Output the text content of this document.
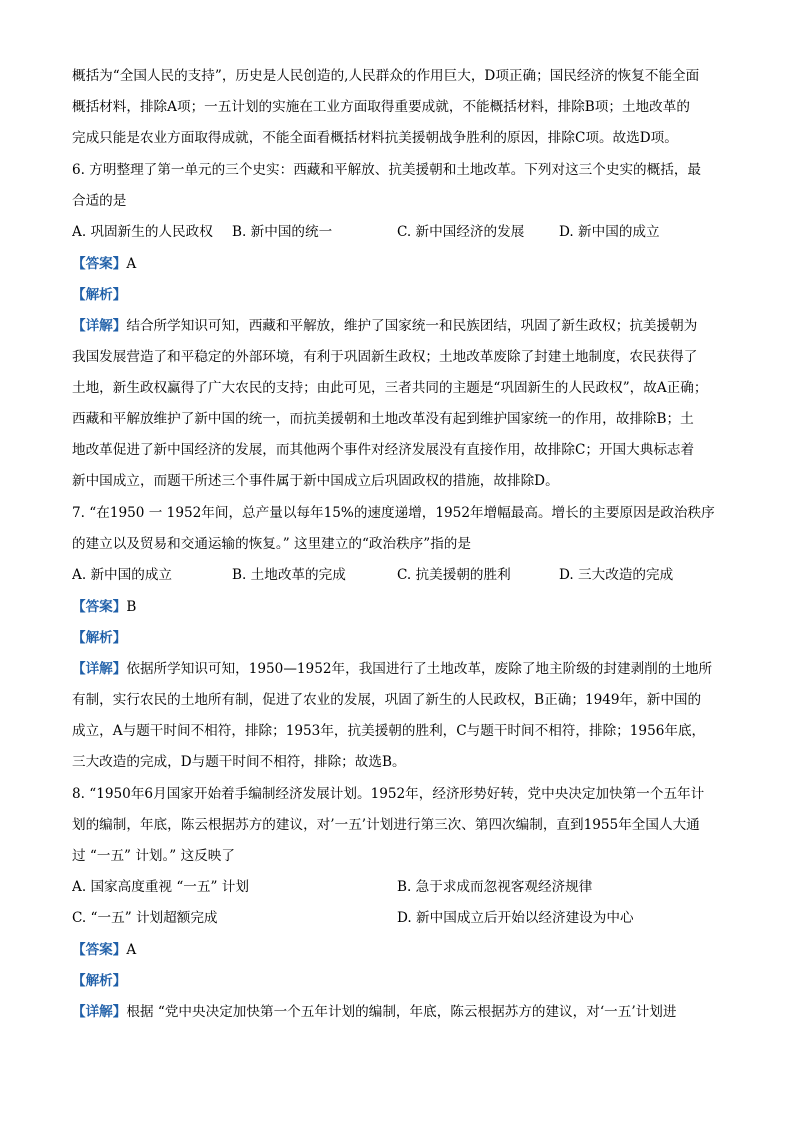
概括为“全国人民的支持”，历史是人民创造的,人民群众的作用巨大，D项正确；国民经济的恢复不能全面
概括材料，排除A项；一五计划的实施在工业方面取得重要成就，不能概括材料，排除B项；土地改革的
完成只能是农业方面取得成就，不能全面看概括材料抗美援朝战争胜利的原因，排除C项。故选D项。
6. 方明整理了第一单元的三个史实：西藏和平解放、抗美援朝和土地改革。下列对这三个史实的概括，最
合适的是
A. 巩固新生的人民政权 B. 新中国的统一	C. 新中国经济的发展	D. 新中国的成立
【答案】A
【解析】
【详解】结合所学知识可知，西藏和平解放，维护了国家统一和民族团结，巩固了新生政权；抗美援朝为
我国发展营造了和平稳定的外部环境，有利于巩固新生政权；土地改革废除了封建土地制度，农民获得了
土地，新生政权赢得了广大农民的支持；由此可见，三者共同的主题是“巩固新生的人民政权”，故A正确；
西藏和平解放维护了新中国的统一，而抗美援朝和土地改革没有起到维护国家统一的作用，故排除B；土
地改革促进了新中国经济的发展，而其他两个事件对经济发展没有直接作用，故排除C；开国大典标志着
新中国成立，而题干所述三个事件属于新中国成立后巩固政权的措施，故排除D。
7. “在1950 一 1952年间，总产量以每年15%的速度递增，1952年增幅最高。增长的主要原因是政治秩序
的建立以及贸易和交通运输的恢复。” 这里建立的“政治秩序”指的是
A. 新中国的成立	B. 土地改革的完成	C. 抗美援朝的胜利	D. 三大改造的完成
【答案】B
【解析】
【详解】依据所学知识可知，1950—1952年，我国进行了土地改革，废除了地主阶级的封建剥削的土地所
有制，实行农民的土地所有制，促进了农业的发展，巩固了新生的人民政权，B正确；1949年，新中国的
成立，A与题干时间不相符，排除；1953年，抗美援朝的胜利，C与题干时间不相符，排除；1956年底，
三大改造的完成，D与题干时间不相符，排除；故选B。
8. “1950年6月国家开始着手编制经济发展计划。1952年，经济形势好转，党中央决定加快第一个五年计
划的编制，年底，陈云根据苏方的建议，对’一五’计划进行第三次、第四次编制，直到1955年全国人大通
过 “一五” 计划。” 这反映了
A. 国家高度重视 “一五” 计划	B. 急于求成而忽视客观经济规律
C. “一五” 计划超额完成	D. 新中国成立后开始以经济建设为中心
【答案】A
【解析】
【详解】根据 “党中央决定加快第一个五年计划的编制，年底，陈云根据苏方的建议，对‘一五’计划进
